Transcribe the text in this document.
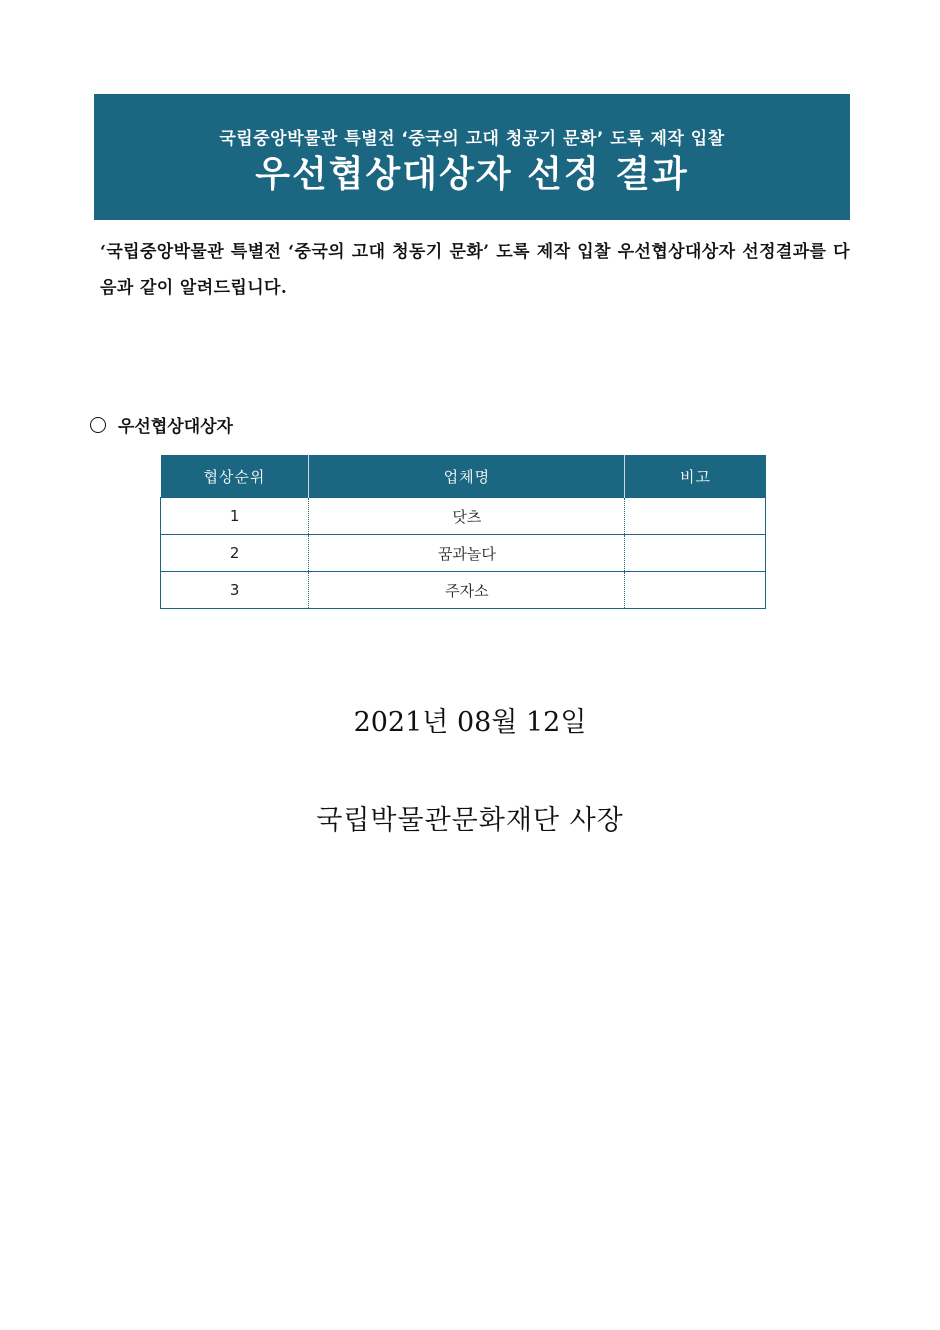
국립중앙박물관 특별전 ‘중국의 고대 청공기 문화’ 도록 제작 입찰
우선협상대상자 선정 결과
‘국립중앙박물관 특별전 ‘중국의 고대 청동기 문화’ 도록 제작 입찰 우선협상대상자 선정결과를 다음과 같이 알려드립니다.
우선협상대상자
협상순위	업체명	비고
1	닷츠	
2	꿈과놀다	
3	주자소	
2021년 08월 12일
국립박물관문화재단 사장
